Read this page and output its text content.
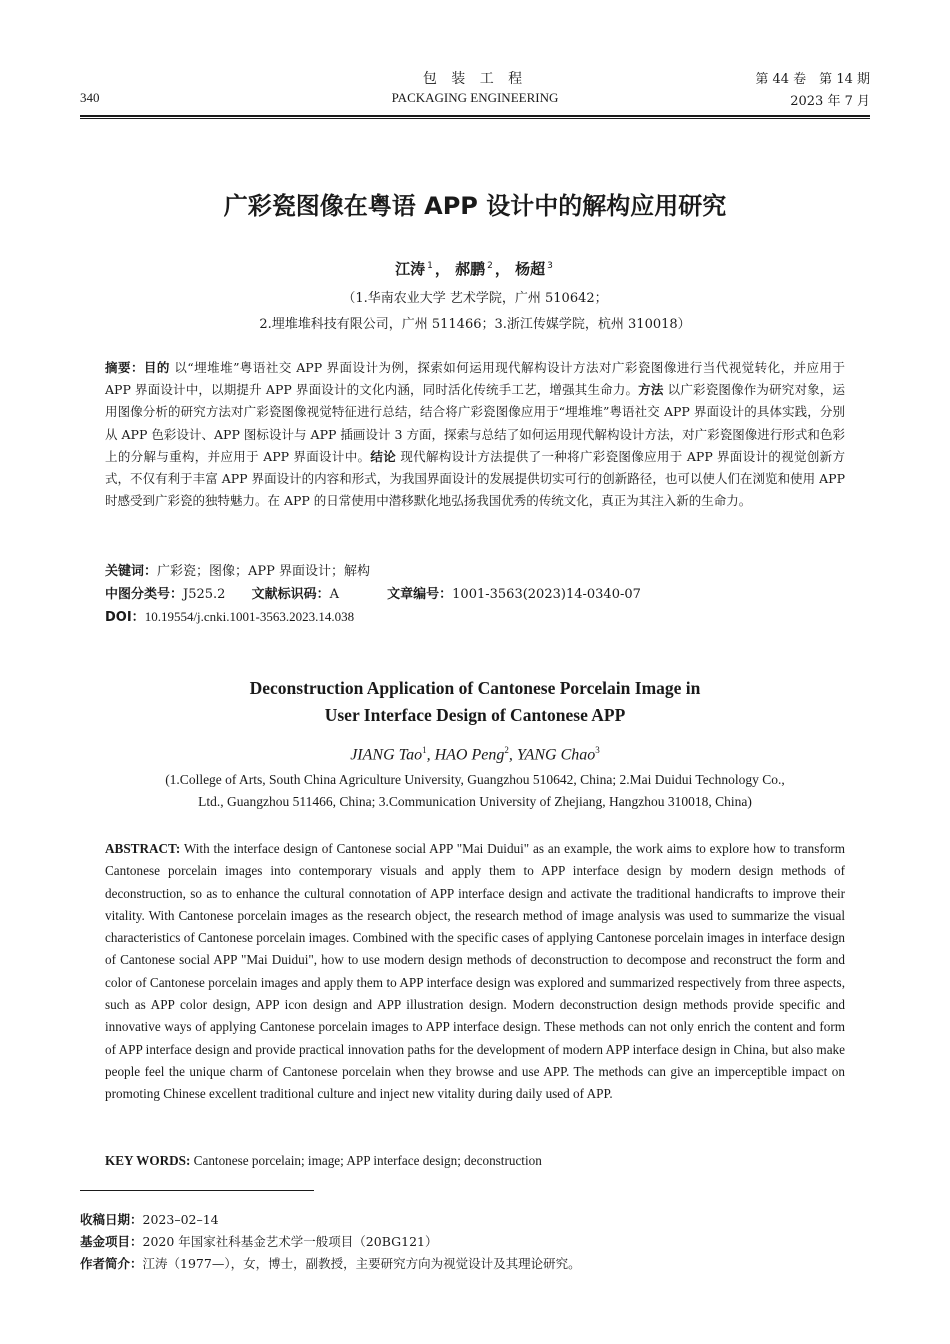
包 装 工 程
PACKAGING ENGINEERING
340
第 44 卷　第 14 期
2023 年 7 月
广彩瓷图像在粤语 APP 设计中的解构应用研究
江涛 $^1$ ， 郝鹏 $^2$ ， 杨超 $^3$
（1.华南农业大学 艺术学院，广州 510642；
2.埋堆堆科技有限公司，广州 511466；3.浙江传媒学院，杭州 310018）

摘要：目的 以“埋堆堆”粤语社交 APP 界面设计为例，探索如何运用现代解构设计方法对广彩瓷图像进行当代视觉转化，并应用于 APP 界面设计中，以期提升 APP 界面设计的文化内涵，同时活化传统手工艺，增强其生命力。方法 以广彩瓷图像作为研究对象，运用图像分析的研究方法对广彩瓷图像视觉特征进行总结，结合将广彩瓷图像应用于“埋堆堆”粤语社交 APP 界面设计的具体实践，分别从 APP 色彩设计、APP 图标设计与 APP 插画设计 3 方面，探索与总结了如何运用现代解构设计方法，对广彩瓷图像进行形式和色彩上的分解与重构，并应用于 APP 界面设计中。结论 现代解构设计方法提供了一种将广彩瓷图像应用于 APP 界面设计的视觉创新方式，不仅有利于丰富 APP 界面设计的内容和形式，为我国界面设计的发展提供切实可行的创新路径，也可以使人们在浏览和使用 APP 时感受到广彩瓷的独特魅力。在 APP 的日常使用中潜移默化地弘扬我国优秀的传统文化，真正为其注入新的生命力。

关键词：广彩瓷；图像；APP 界面设计；解构
中图分类号：J525.2 文献标识码：A	文章编号：1001-3563(2023)14-0340-07
DOI：10.19554/j.cnki.1001-3563.2023.14.038
Deconstruction Application of Cantonese Porcelain Image in
User Interface Design of Cantonese APP
JIANG Tao$^1$, HAO Peng$^2$, YANG Chao$^3$
(1.College of Arts, South China Agriculture University, Guangzhou 510642, China; 2.Mai Duidui Technology Co.,
Ltd., Guangzhou 511466, China; 3.Communication University of Zhejiang, Hangzhou 310018, China)

ABSTRACT: With the interface design of Cantonese social APP "Mai Duidui" as an example, the work aims to explore how to transform Cantonese porcelain images into contemporary visuals and apply them to APP interface design by modern design methods of deconstruction, so as to enhance the cultural connotation of APP interface design and activate the traditional handicrafts to improve their vitality. With Cantonese porcelain images as the research object, the research method of image analysis was used to summarize the visual characteristics of Cantonese porcelain images. Combined with the specific cases of applying Cantonese porcelain images in interface design of Cantonese social APP "Mai Duidui", how to use modern design methods of deconstruction to decompose and reconstruct the form and color of Cantonese porcelain images and apply them to APP interface design was explored and summarized respectively from three aspects, such as APP color design, APP icon design and APP illustration design. Modern deconstruction design methods provide specific and innovative ways of applying Cantonese porcelain images to APP interface design. These methods can not only enrich the content and form of APP interface design and provide practical innovation paths for the development of modern APP interface design in China, but also make people feel the unique charm of Cantonese porcelain when they browse and use APP. The methods can give an imperceptible impact on promoting Chinese excellent traditional culture and inject new vitality during daily used of APP.

KEY WORDS: Cantonese porcelain; image; APP interface design; deconstruction
收稿日期：2023–02–14
基金项目：2020 年国家社科基金艺术学一般项目（20BG121）
作者简介：江涛（1977—），女，博士，副教授，主要研究方向为视觉设计及其理论研究。
